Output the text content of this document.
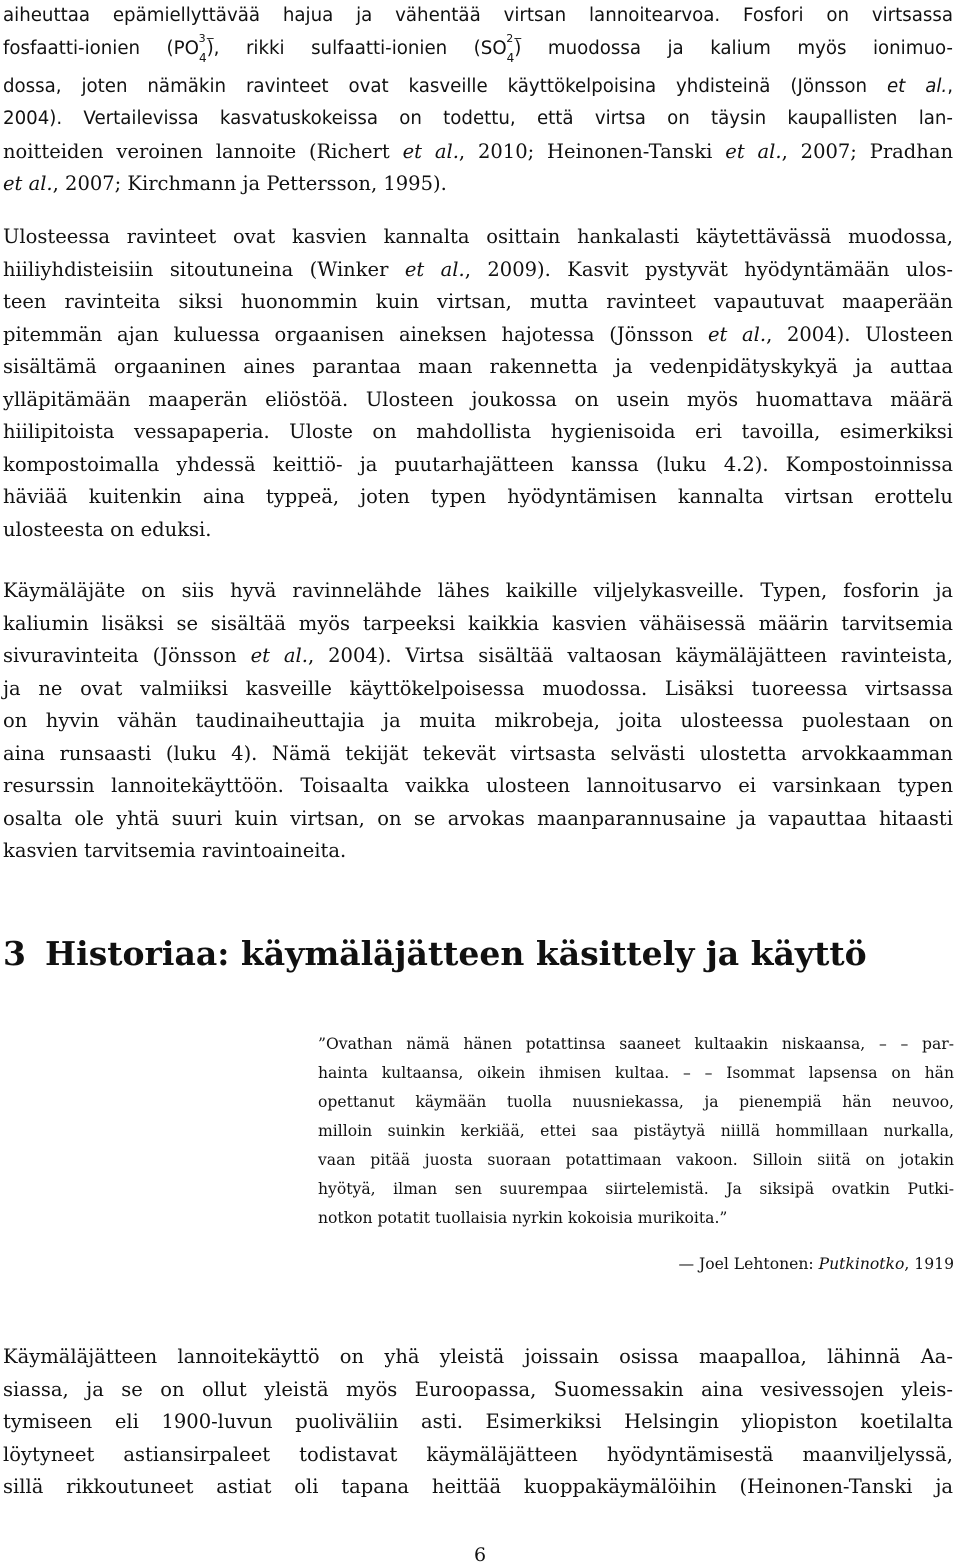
aiheuttaa epämiellyttävää hajua ja vähentää virtsan lannoitearvoa. Fosfori on virtsassa
fosfaatti-ionien ($PO_4$
3−
), rikki sulfaatti-ionien ($SO_4$
2−
) muodossa ja kalium myös ionimuo-
dossa, joten nämäkin ravinteet ovat kasveille käyttökelpoisina yhdisteinä (Jönsson et al.,
2004). Vertailevissa kasvatuskokeissa on todettu, että virtsa on täysin kaupallisten lan-
noitteiden veroinen lannoite (Richert et al., 2010; Heinonen-Tanski et al., 2007; Pradhan
et al., 2007; Kirchmann ja Pettersson, 1995).
Ulosteessa ravinteet ovat kasvien kannalta osittain hankalasti käytettävässä muodossa,
hiiliyhdisteisiin sitoutuneina (Winker et al., 2009). Kasvit pystyvät hyödyntämään ulos-
teen ravinteita siksi huonommin kuin virtsan, mutta ravinteet vapautuvat maaperään
pitemmän ajan kuluessa orgaanisen aineksen hajotessa (Jönsson et al., 2004). Ulosteen
sisältämä orgaaninen aines parantaa maan rakennetta ja vedenpidätyskykyä ja auttaa
ylläpitämään maaperän eliöstöä. Ulosteen joukossa on usein myös huomattava määrä
hiilipitoista vessapaperia. Uloste on mahdollista hygienisoida eri tavoilla, esimerkiksi
kompostoimalla yhdessä keittiö- ja puutarhajätteen kanssa (luku 4.2). Kompostoinnissa
häviää kuitenkin aina typpeä, joten typen hyödyntämisen kannalta virtsan erottelu
ulosteesta on eduksi.
Käymäläjäte on siis hyvä ravinnelähde lähes kaikille viljelykasveille. Typen, fosforin ja
kaliumin lisäksi se sisältää myös tarpeeksi kaikkia kasvien vähäisessä määrin tarvitsemia
sivuravinteita (Jönsson et al., 2004). Virtsa sisältää valtaosan käymäläjätteen ravinteista,
ja ne ovat valmiiksi kasveille käyttökelpoisessa muodossa. Lisäksi tuoreessa virtsassa
on hyvin vähän taudinaiheuttajia ja muita mikrobeja, joita ulosteessa puolestaan on
aina runsaasti (luku 4). Nämä tekijät tekevät virtsasta selvästi ulostetta arvokkaamman
resurssin lannoitekäyttöön. Toisaalta vaikka ulosteen lannoitusarvo ei varsinkaan typen
osalta ole yhtä suuri kuin virtsan, on se arvokas maanparannusaine ja vapauttaa hitaasti
kasvien tarvitsemia ravintoaineita.
3 Historiaa: käymäläjätteen käsittely ja käyttö
”Ovathan nämä hänen potattinsa saaneet kultaakin niskaansa, – – par-
hainta kultaansa, oikein ihmisen kultaa. – – Isommat lapsensa on hän
opettanut käymään tuolla nuusniekassa, ja pienempiä hän neuvoo,
milloin suinkin kerkiää, ettei saa pistäytyä niillä hommillaan nurkalla,
vaan pitää juosta suoraan potattimaan vakoon. Silloin siitä on jotakin
hyötyä, ilman sen suurempaa siirtelemistä. Ja siksipä ovatkin Putki-
notkon potatit tuollaisia nyrkin kokoisia murikoita.”
— Joel Lehtonen: Putkinotko, 1919
Käymäläjätteen lannoitekäyttö on yhä yleistä joissain osissa maapalloa, lähinnä Aa-
siassa, ja se on ollut yleistä myös Euroopassa, Suomessakin aina vesivessojen yleis-
tymiseen eli 1900-luvun puoliväliin asti. Esimerkiksi Helsingin yliopiston koetilalta
löytyneet astiansirpaleet todistavat käymäläjätteen hyödyntämisestä maanviljelyssä,
sillä rikkoutuneet astiat oli tapana heittää kuoppakäymälöihin (Heinonen-Tanski ja
6
